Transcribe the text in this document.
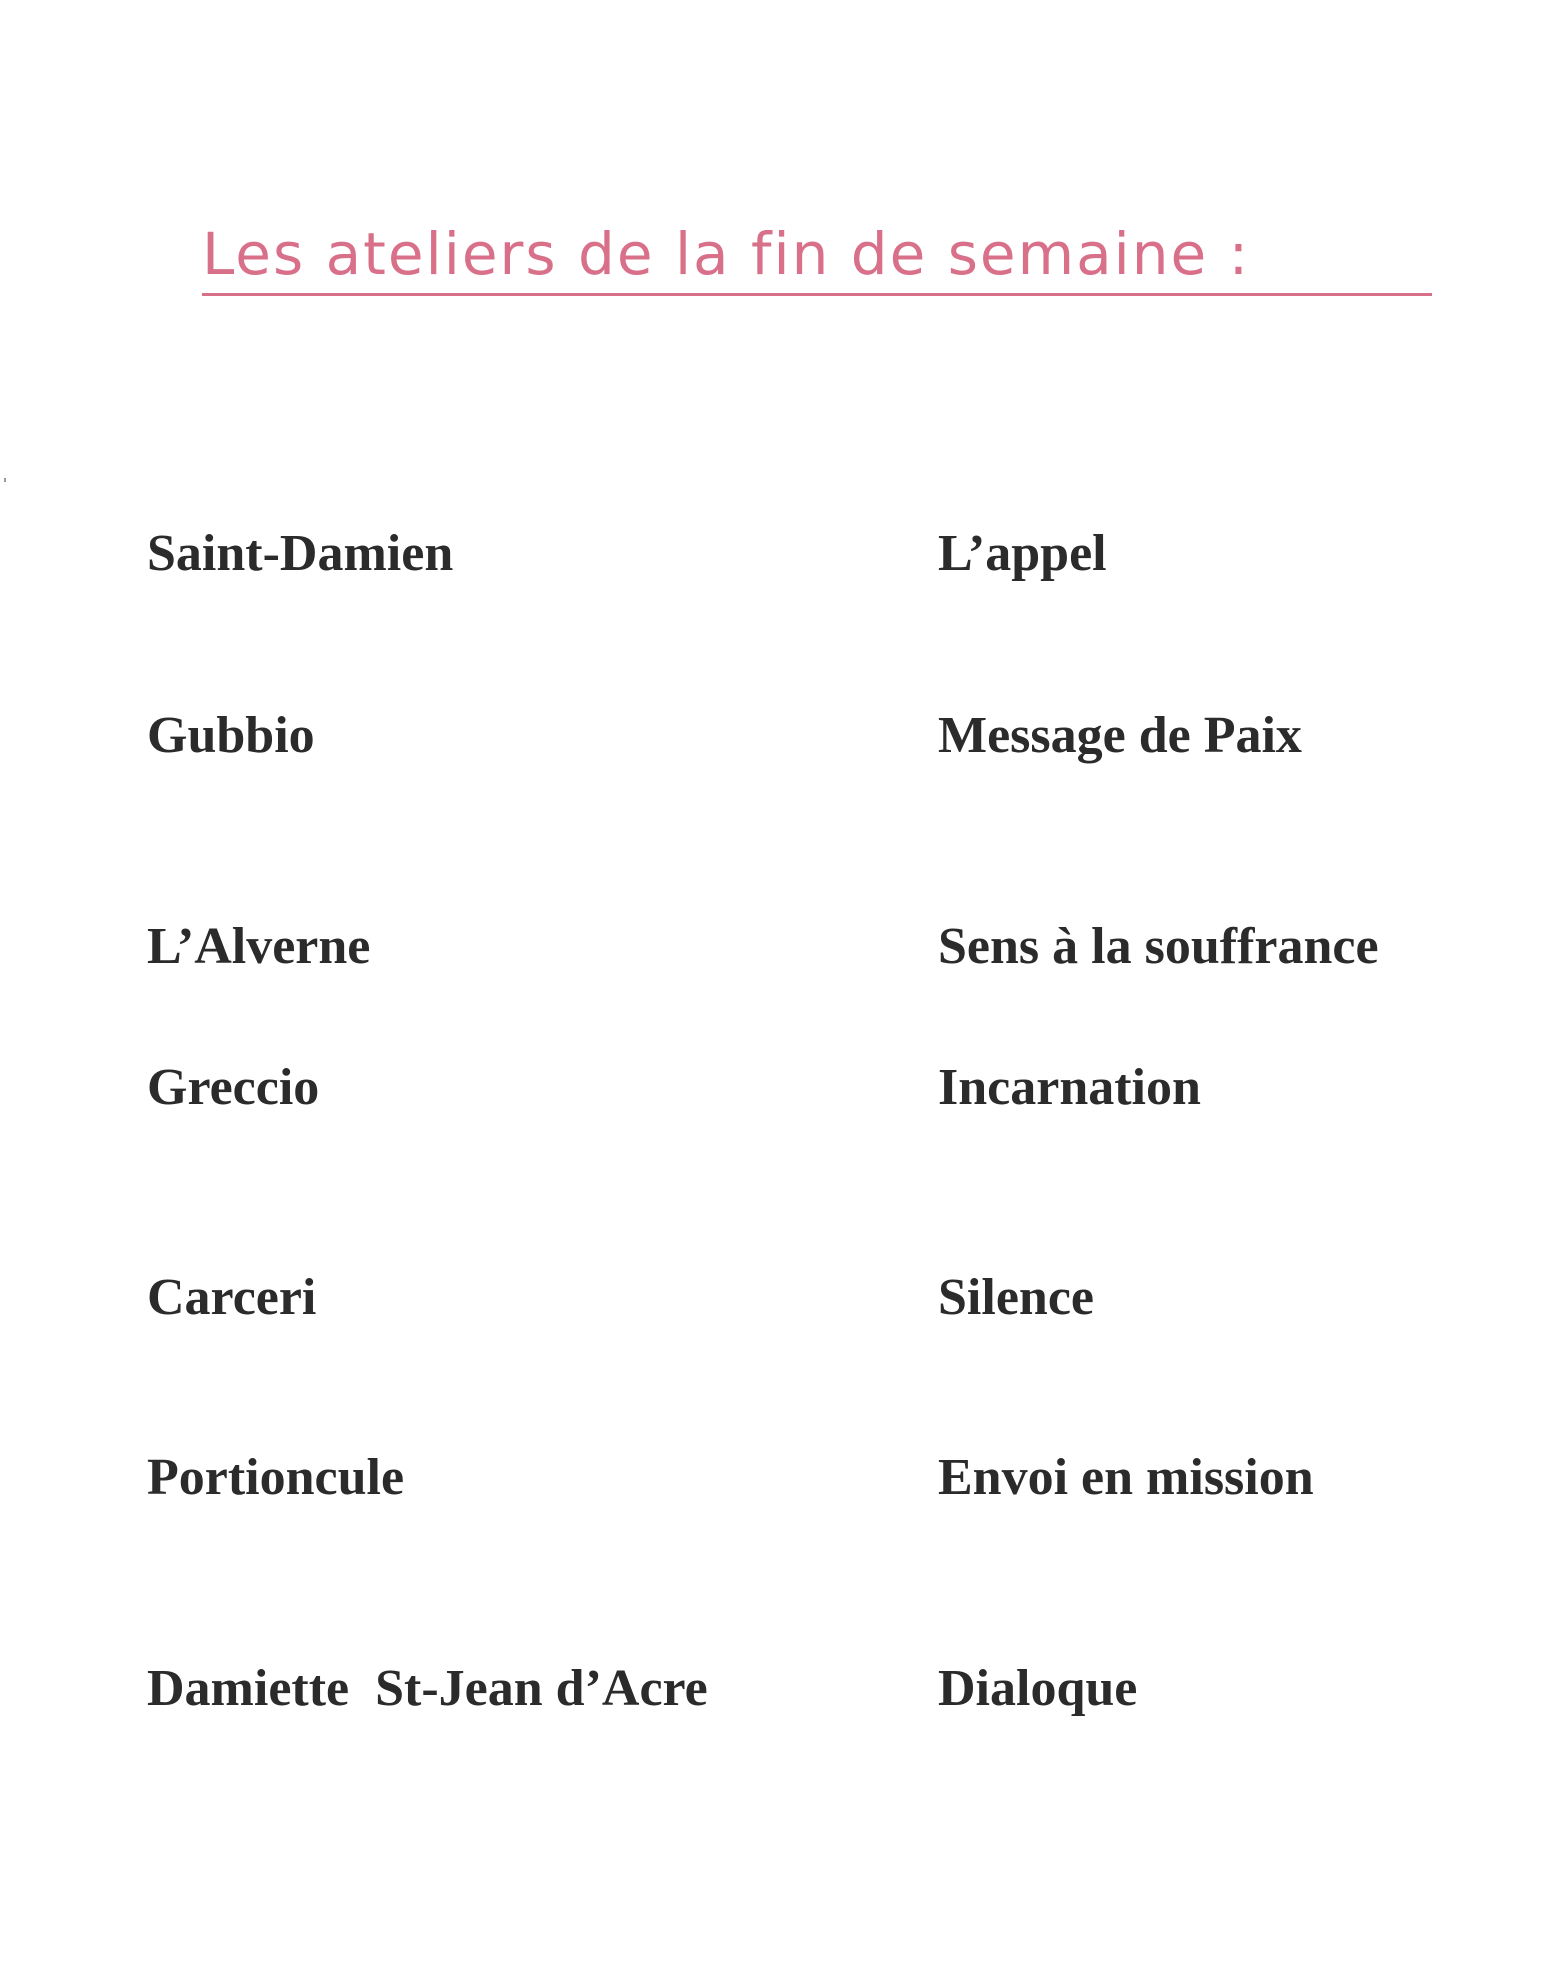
Les ateliers de la fin de semaine :
Saint-Damien	L’appel
Gubbio	Message de Paix
L’Alverne	Sens à la souffrance
Greccio	Incarnation
Carceri	Silence
Portioncule	Envoi en mission
Damiette  St-Jean d’Acre	Dialoque
